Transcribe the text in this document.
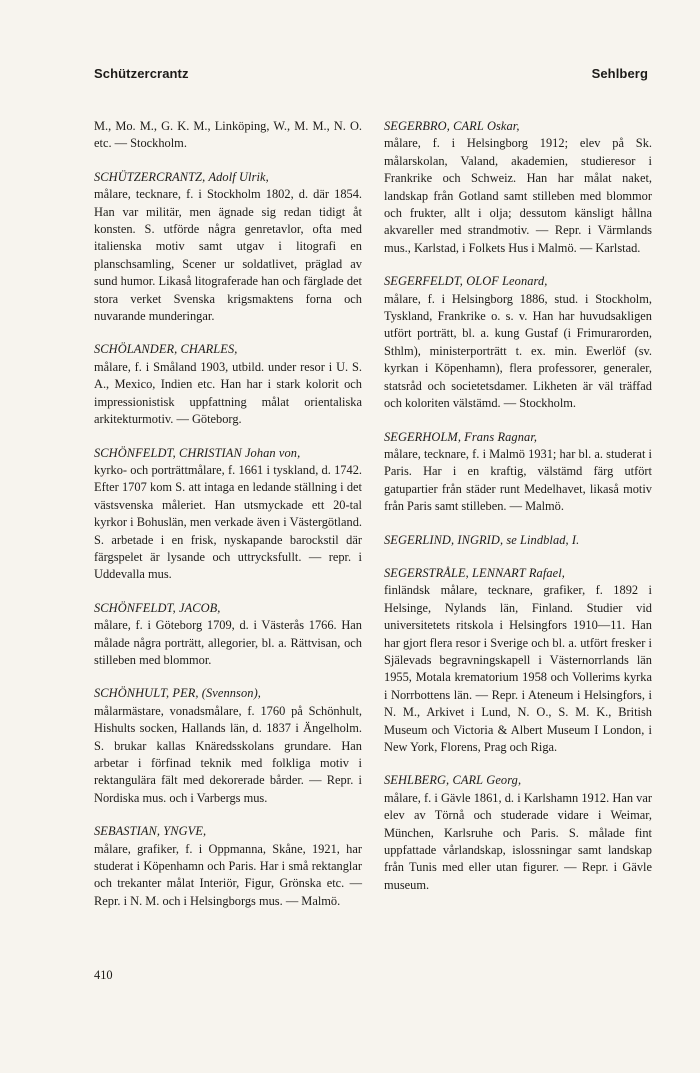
Schützercrantz	Sehlberg

M., Mo. M., G. K. M., Linköping, W., M. M., N. O. etc. — Stockholm.

SCHÜTZERCRANTZ, Adolf Ulrik,

målare, tecknare, f. i Stockholm 1802, d. där 1854. Han var militär, men ägnade sig redan tidigt åt konsten. S. utförde några genretavlor, ofta med italienska motiv samt utgav i litografi en planschsamling, Scener ur soldatlivet, präglad av sund humor. Likaså litograferade han och färglade det stora verket Svenska krigsmaktens forna och nuvarande munderingar.

SCHÖLANDER, CHARLES,

målare, f. i Småland 1903, utbild. under resor i U. S. A., Mexico, Indien etc. Han har i stark kolorit och impressionistisk uppfattning målat orientaliska arkitekturmotiv. — Göteborg.

SCHÖNFELDT, CHRISTIAN Johan von,

kyrko- och porträttmålare, f. 1661 i tyskland, d. 1742. Efter 1707 kom S. att intaga en ledande ställning i det västsvenska måleriet. Han utsmyckade ett 20-tal kyrkor i Bohuslän, men verkade även i Västergötland. S. arbetade i en frisk, nyskapande barockstil där färgspelet är lysande och uttrycksfullt. — repr. i Uddevalla mus.

SCHÖNFELDT, JACOB,

målare, f. i Göteborg 1709, d. i Västerås 1766. Han målade några porträtt, allegorier, bl. a. Rättvisan, och stilleben med blommor.

SCHÖNHULT, PER, (Svennson),

målarmästare, vonadsmålare, f. 1760 på Schönhult, Hishults socken, Hallands län, d. 1837 i Ängelholm. S. brukar kallas Knäredsskolans grundare. Han arbetar i förfinad teknik med folkliga motiv i rektangulära fält med dekorerade bårder. — Repr. i Nordiska mus. och i Varbergs mus.

SEBASTIAN, YNGVE,

målare, grafiker, f. i Oppmanna, Skåne, 1921, har studerat i Köpenhamn och Paris. Har i små rektanglar och trekanter målat Interiör, Figur, Grönska etc. — Repr. i N. M. och i Helsingborgs mus. — Malmö.

SEGERBRO, CARL Oskar,

målare, f. i Helsingborg 1912; elev på Sk. målarskolan, Valand, akademien, studieresor i Frankrike och Schweiz. Han har målat naket, landskap från Gotland samt stilleben med blommor och frukter, allt i olja; dessutom känsligt hållna akvareller med strandmotiv. — Repr. i Värmlands mus., Karlstad, i Folkets Hus i Malmö. — Karlstad.

SEGERFELDT, OLOF Leonard,

målare, f. i Helsingborg 1886, stud. i Stockholm, Tyskland, Frankrike o. s. v. Han har huvudsakligen utfört porträtt, bl. a. kung Gustaf (i Frimurarorden, Sthlm), ministerporträtt t. ex. min. Ewerlöf (sv. kyrkan i Köpenhamn), flera professorer, generaler, statsråd och societetsdamer. Likheten är väl träffad och koloriten välstämd. — Stockholm.

SEGERHOLM, Frans Ragnar,

målare, tecknare, f. i Malmö 1931; har bl. a. studerat i Paris. Har i en kraftig, välstämd färg utfört gatupartier från städer runt Medelhavet, likaså motiv från Paris samt stilleben. — Malmö.

SEGERLIND, INGRID, se Lindblad, I.

SEGERSTRÅLE, LENNART Rafael,

finländsk målare, tecknare, grafiker, f. 1892 i Helsinge, Nylands län, Finland. Studier vid universitetets ritskola i Helsingfors 1910—11. Han har gjort flera resor i Sverige och bl. a. utfört fresker i Själevads begravningskapell i Västernorrlands län 1955, Motala krematorium 1958 och Vollerims kyrka i Norrbottens län. — Repr. i Ateneum i Helsingfors, i N. M., Arkivet i Lund, N. O., S. M. K., British Museum och Victoria & Albert Museum I London, i New York, Florens, Prag och Riga.

SEHLBERG, CARL Georg,

målare, f. i Gävle 1861, d. i Karlshamn 1912. Han var elev av Törnå och studerade vidare i Weimar, München, Karlsruhe och Paris. S. målade fint uppfattade vårlandskap, islossningar samt landskap från Tunis med eller utan figurer. — Repr. i Gävle museum.

410
